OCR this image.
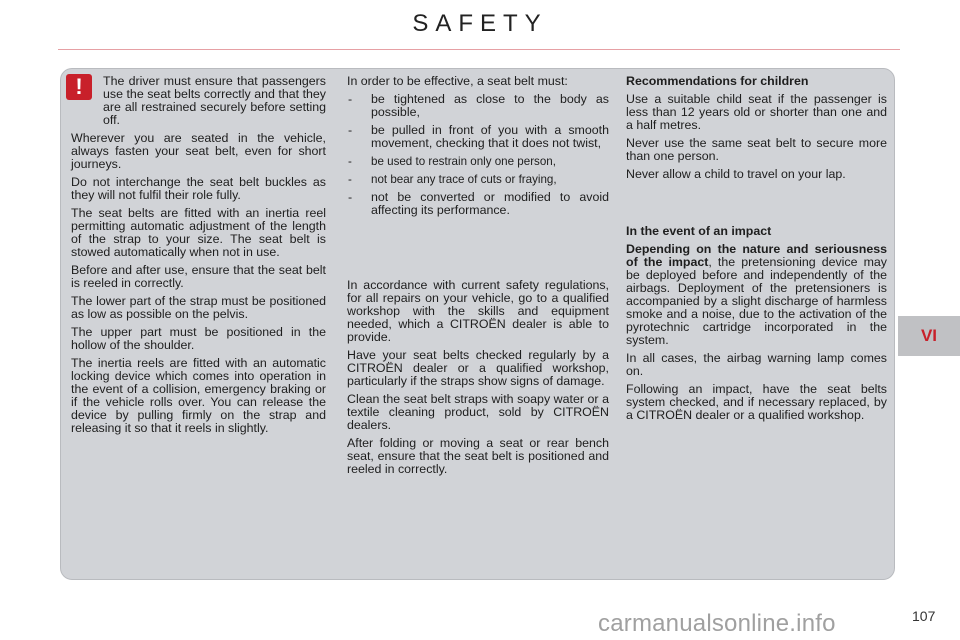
SAFETY
!	The driver must ensure that passengers use the seat belts correctly and that they are all restrained securely before setting off.

Wherever you are seated in the vehicle, always fasten your seat belt, even for short journeys.

Do not interchange the seat belt buckles as they will not fulfil their role fully.

The seat belts are fitted with an inertia reel permitting automatic adjustment of the length of the strap to your size. The seat belt is stowed automatically when not in use.

Before and after use, ensure that the seat belt is reeled in correctly.

The lower part of the strap must be positioned as low as possible on the pelvis.

The upper part must be positioned in the hollow of the shoulder.

The inertia reels are fitted with an automatic locking device which comes into operation in the event of a collision, emergency braking or if the vehicle rolls over. You can release the device by pulling firmly on the strap and releasing it so that it reels in slightly.

In order to be effective, a seat belt must:

- be tightened as close to the body as possible,
- be pulled in front of you with a smooth movement, checking that it does not twist,
- be used to restrain only one person,
- not bear any trace of cuts or fraying,
- not be converted or modified to avoid affecting its performance.

In accordance with current safety regulations, for all repairs on your vehicle, go to a qualified workshop with the skills and equipment needed, which a CITROËN dealer is able to provide.

Have your seat belts checked regularly by a CITROËN dealer or a qualified workshop, particularly if the straps show signs of damage.

Clean the seat belt straps with soapy water or a textile cleaning product, sold by CITROËN dealers.

After folding or moving a seat or rear bench seat, ensure that the seat belt is positioned and reeled in correctly.

Recommendations for children

Use a suitable child seat if the passenger is less than 12 years old or shorter than one and a half metres.

Never use the same seat belt to secure more than one person.

Never allow a child to travel on your lap.

In the event of an impact

Depending on the nature and seriousness of the impact, the pretensioning device may be deployed before and independently of the airbags. Deployment of the pretensioners is accompanied by a slight discharge of harmless smoke and a noise, due to the activation of the pyrotechnic cartridge incorporated in the system.

In all cases, the airbag warning lamp comes on.

Following an impact, have the seat belts system checked, and if necessary replaced, by a CITROËN dealer or a qualified workshop.

VI
carmanualsonline.info	107
